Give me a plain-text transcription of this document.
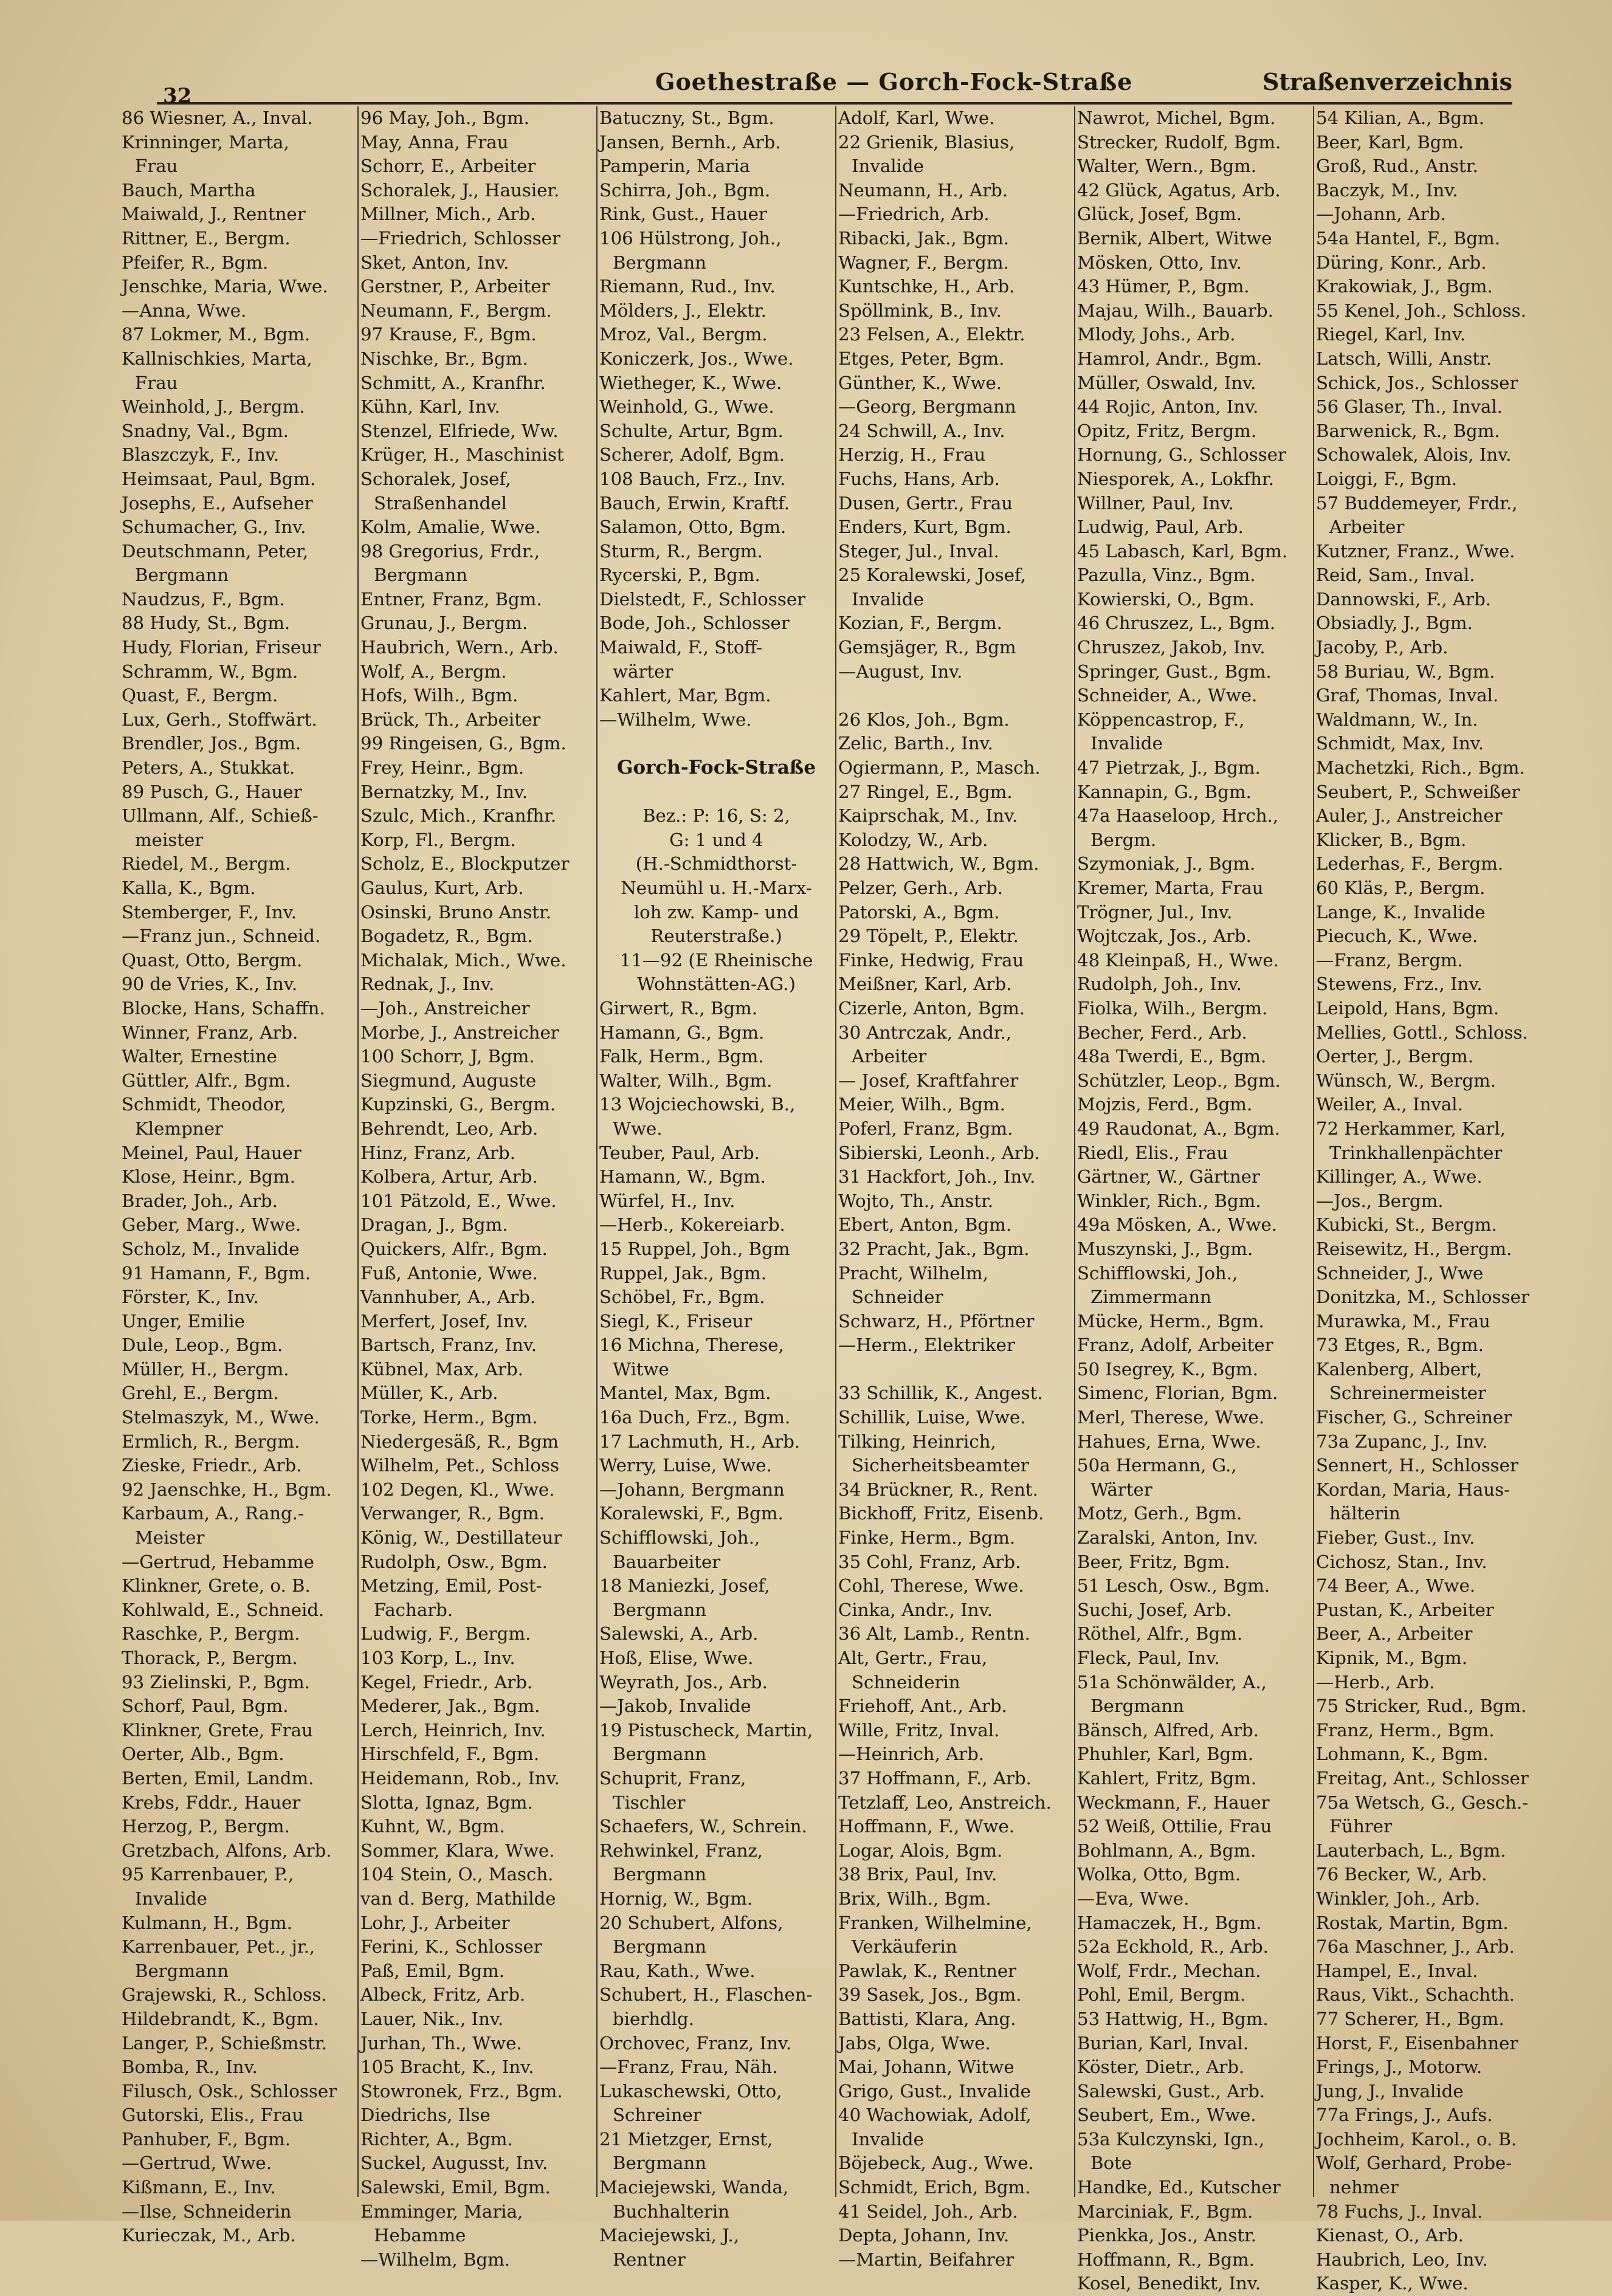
32
Goethestraße — Gorch-Fock-Straße	Straßenverzeichnis
86 Wiesner, A., Inval.
Krinninger, Marta,
Frau
Bauch, Martha
Maiwald, J., Rentner
Rittner, E., Bergm.
Pfeifer, R., Bgm.
Jenschke, Maria, Wwe.
—Anna, Wwe.
87 Lokmer, M., Bgm.
Kallnischkies, Marta,
Frau
Weinhold, J., Bergm.
Snadny, Val., Bgm.
Blaszczyk, F., Inv.
Heimsaat, Paul, Bgm.
Josephs, E., Aufseher
Schumacher, G., Inv.
Deutschmann, Peter,
Bergmann
Naudzus, F., Bgm.
88 Hudy, St., Bgm.
Hudy, Florian, Friseur
Schramm, W., Bgm.
Quast, F., Bergm.
Lux, Gerh., Stoffwärt.
Brendler, Jos., Bgm.
Peters, A., Stukkat.
89 Pusch, G., Hauer
Ullmann, Alf., Schieß-
meister
Riedel, M., Bergm.
Kalla, K., Bgm.
Stemberger, F., Inv.
—Franz jun., Schneid.
Quast, Otto, Bergm.
90 de Vries, K., Inv.
Blocke, Hans, Schaffn.
Winner, Franz, Arb.
Walter, Ernestine
Güttler, Alfr., Bgm.
Schmidt, Theodor,
Klempner
Meinel, Paul, Hauer
Klose, Heinr., Bgm.
Brader, Joh., Arb.
Geber, Marg., Wwe.
Scholz, M., Invalide
91 Hamann, F., Bgm.
Förster, K., Inv.
Unger, Emilie
Dule, Leop., Bgm.
Müller, H., Bergm.
Grehl, E., Bergm.
Stelmaszyk, M., Wwe.
Ermlich, R., Bergm.
Zieske, Friedr., Arb.
92 Jaenschke, H., Bgm.
Karbaum, A., Rang.-
Meister
—Gertrud, Hebamme
Klinkner, Grete, o. B.
Kohlwald, E., Schneid.
Raschke, P., Bergm.
Thorack, P., Bergm.
93 Zielinski, P., Bgm.
Schorf, Paul, Bgm.
Klinkner, Grete, Frau
Oerter, Alb., Bgm.
Berten, Emil, Landm.
Krebs, Fddr., Hauer
Herzog, P., Bergm.
Gretzbach, Alfons, Arb.
95 Karrenbauer, P.,
Invalide
Kulmann, H., Bgm.
Karrenbauer, Pet., jr.,
Bergmann
Grajewski, R., Schloss.
Hildebrandt, K., Bgm.
Langer, P., Schießmstr.
Bomba, R., Inv.
Filusch, Osk., Schlosser
Gutorski, Elis., Frau
Panhuber, F., Bgm.
—Gertrud, Wwe.
Kißmann, E., Inv.
—Ilse, Schneiderin
Kurieczak, M., Arb.
96 May, Joh., Bgm.
May, Anna, Frau
Schorr, E., Arbeiter
Schoralek, J., Hausier.
Millner, Mich., Arb.
—Friedrich, Schlosser
Sket, Anton, Inv.
Gerstner, P., Arbeiter
Neumann, F., Bergm.
97 Krause, F., Bgm.
Nischke, Br., Bgm.
Schmitt, A., Kranfhr.
Kühn, Karl, Inv.
Stenzel, Elfriede, Ww.
Krüger, H., Maschinist
Schoralek, Josef,
Straßenhandel
Kolm, Amalie, Wwe.
98 Gregorius, Frdr.,
Bergmann
Entner, Franz, Bgm.
Grunau, J., Bergm.
Haubrich, Wern., Arb.
Wolf, A., Bergm.
Hofs, Wilh., Bgm.
Brück, Th., Arbeiter
99 Ringeisen, G., Bgm.
Frey, Heinr., Bgm.
Bernatzky, M., Inv.
Szulc, Mich., Kranfhr.
Korp, Fl., Bergm.
Scholz, E., Blockputzer
Gaulus, Kurt, Arb.
Osinski, Bruno Anstr.
Bogadetz, R., Bgm.
Michalak, Mich., Wwe.
Rednak, J., Inv.
—Joh., Anstreicher
Morbe, J., Anstreicher
100 Schorr, J, Bgm.
Siegmund, Auguste
Kupzinski, G., Bergm.
Behrendt, Leo, Arb.
Hinz, Franz, Arb.
Kolbera, Artur, Arb.
101 Pätzold, E., Wwe.
Dragan, J., Bgm.
Quickers, Alfr., Bgm.
Fuß, Antonie, Wwe.
Vannhuber, A., Arb.
Merfert, Josef, Inv.
Bartsch, Franz, Inv.
Kübnel, Max, Arb.
Müller, K., Arb.
Torke, Herm., Bgm.
Niedergesäß, R., Bgm
Wilhelm, Pet., Schloss
102 Degen, Kl., Wwe.
Verwanger, R., Bgm.
König, W., Destillateur
Rudolph, Osw., Bgm.
Metzing, Emil, Post-
Facharb.
Ludwig, F., Bergm.
103 Korp, L., Inv.
Kegel, Friedr., Arb.
Mederer, Jak., Bgm.
Lerch, Heinrich, Inv.
Hirschfeld, F., Bgm.
Heidemann, Rob., Inv.
Slotta, Ignaz, Bgm.
Kuhnt, W., Bgm.
Sommer, Klara, Wwe.
104 Stein, O., Masch.
van d. Berg, Mathilde
Lohr, J., Arbeiter
Ferini, K., Schlosser
Paß, Emil, Bgm.
Albeck, Fritz, Arb.
Lauer, Nik., Inv.
Jurhan, Th., Wwe.
105 Bracht, K., Inv.
Stowronek, Frz., Bgm.
Diedrichs, Ilse
Richter, A., Bgm.
Suckel, Augusst, Inv.
Salewski, Emil, Bgm.
Emminger, Maria,
Hebamme
—Wilhelm, Bgm.
Batuczny, St., Bgm.
Jansen, Bernh., Arb.
Pamperin, Maria
Schirra, Joh., Bgm.
Rink, Gust., Hauer
106 Hülstrong, Joh.,
Bergmann
Riemann, Rud., Inv.
Mölders, J., Elektr.
Mroz, Val., Bergm.
Koniczerk, Jos., Wwe.
Wietheger, K., Wwe.
Weinhold, G., Wwe.
Schulte, Artur, Bgm.
Scherer, Adolf, Bgm.
108 Bauch, Frz., Inv.
Bauch, Erwin, Kraftf.
Salamon, Otto, Bgm.
Sturm, R., Bergm.
Rycerski, P., Bgm.
Dielstedt, F., Schlosser
Bode, Joh., Schlosser
Maiwald, F., Stoff-
wärter
Kahlert, Mar, Bgm.
—Wilhelm, Wwe.
Gorch-Fock-Straße
Bez.: P: 16, S: 2,
G: 1 und 4
(H.-Schmidthorst-
Neumühl u. H.-Marx-
loh zw. Kamp- und
Reuterstraße.)
11—92 (E Rheinische
Wohnstätten-AG.)
Girwert, R., Bgm.
Hamann, G., Bgm.
Falk, Herm., Bgm.
Walter, Wilh., Bgm.
13 Wojciechowski, B.,
Wwe.
Teuber, Paul, Arb.
Hamann, W., Bgm.
Würfel, H., Inv.
—Herb., Kokereiarb.
15 Ruppel, Joh., Bgm
Ruppel, Jak., Bgm.
Schöbel, Fr., Bgm.
Siegl, K., Friseur
16 Michna, Therese,
Witwe
Mantel, Max, Bgm.
16a Duch, Frz., Bgm.
17 Lachmuth, H., Arb.
Werry, Luise, Wwe.
—Johann, Bergmann
Koralewski, F., Bgm.
Schifflowski, Joh.,
Bauarbeiter
18 Maniezki, Josef,
Bergmann
Salewski, A., Arb.
Hoß, Elise, Wwe.
Weyrath, Jos., Arb.
—Jakob, Invalide
19 Pistuscheck, Martin,
Bergmann
Schuprit, Franz,
Tischler
Schaefers, W., Schrein.
Rehwinkel, Franz,
Bergmann
Hornig, W., Bgm.
20 Schubert, Alfons,
Bergmann
Rau, Kath., Wwe.
Schubert, H., Flaschen-
bierhdlg.
Orchovec, Franz, Inv.
—Franz, Frau, Näh.
Lukaschewski, Otto,
Schreiner
21 Mietzger, Ernst,
Bergmann
Maciejewski, Wanda,
Buchhalterin
Maciejewski, J.,
Rentner
Adolf, Karl, Wwe.
22 Grienik, Blasius,
Invalide
Neumann, H., Arb.
—Friedrich, Arb.
Ribacki, Jak., Bgm.
Wagner, F., Bergm.
Kuntschke, H., Arb.
Spöllmink, B., Inv.
23 Felsen, A., Elektr.
Etges, Peter, Bgm.
Günther, K., Wwe.
—Georg, Bergmann
24 Schwill, A., Inv.
Herzig, H., Frau
Fuchs, Hans, Arb.
Dusen, Gertr., Frau
Enders, Kurt, Bgm.
Steger, Jul., Inval.
25 Koralewski, Josef,
Invalide
Kozian, F., Bergm.
Gemsjäger, R., Bgm
—August, Inv.
26 Klos, Joh., Bgm.
Zelic, Barth., Inv.
Ogiermann, P., Masch.
27 Ringel, E., Bgm.
Kaiprschak, M., Inv.
Kolodzy, W., Arb.
28 Hattwich, W., Bgm.
Pelzer, Gerh., Arb.
Patorski, A., Bgm.
29 Töpelt, P., Elektr.
Finke, Hedwig, Frau
Meißner, Karl, Arb.
Cizerle, Anton, Bgm.
30 Antrczak, Andr.,
Arbeiter
— Josef, Kraftfahrer
Meier, Wilh., Bgm.
Poferl, Franz, Bgm.
Sibierski, Leonh., Arb.
31 Hackfort, Joh., Inv.
Wojto, Th., Anstr.
Ebert, Anton, Bgm.
32 Pracht, Jak., Bgm.
Pracht, Wilhelm,
Schneider
Schwarz, H., Pförtner
—Herm., Elektriker
33 Schillik, K., Angest.
Schillik, Luise, Wwe.
Tilking, Heinrich,
Sicherheitsbeamter
34 Brückner, R., Rent.
Bickhoff, Fritz, Eisenb.
Finke, Herm., Bgm.
35 Cohl, Franz, Arb.
Cohl, Therese, Wwe.
Cinka, Andr., Inv.
36 Alt, Lamb., Rentn.
Alt, Gertr., Frau,
Schneiderin
Friehoff, Ant., Arb.
Wille, Fritz, Inval.
—Heinrich, Arb.
37 Hoffmann, F., Arb.
Tetzlaff, Leo, Anstreich.
Hoffmann, F., Wwe.
Logar, Alois, Bgm.
38 Brix, Paul, Inv.
Brix, Wilh., Bgm.
Franken, Wilhelmine,
Verkäuferin
Pawlak, K., Rentner
39 Sasek, Jos., Bgm.
Battisti, Klara, Ang.
Jabs, Olga, Wwe.
Mai, Johann, Witwe
Grigo, Gust., Invalide
40 Wachowiak, Adolf,
Invalide
Böjebeck, Aug., Wwe.
Schmidt, Erich, Bgm.
41 Seidel, Joh., Arb.
Depta, Johann, Inv.
—Martin, Beifahrer
Nawrot, Michel, Bgm.
Strecker, Rudolf, Bgm.
Walter, Wern., Bgm.
42 Glück, Agatus, Arb.
Glück, Josef, Bgm.
Bernik, Albert, Witwe
Mösken, Otto, Inv.
43 Hümer, P., Bgm.
Majau, Wilh., Bauarb.
Mlody, Johs., Arb.
Hamrol, Andr., Bgm.
Müller, Oswald, Inv.
44 Rojic, Anton, Inv.
Opitz, Fritz, Bergm.
Hornung, G., Schlosser
Niesporek, A., Lokfhr.
Willner, Paul, Inv.
Ludwig, Paul, Arb.
45 Labasch, Karl, Bgm.
Pazulla, Vinz., Bgm.
Kowierski, O., Bgm.
46 Chruszez, L., Bgm.
Chruszez, Jakob, Inv.
Springer, Gust., Bgm.
Schneider, A., Wwe.
Köppencastrop, F.,
Invalide
47 Pietrzak, J., Bgm.
Kannapin, G., Bgm.
47a Haaseloop, Hrch.,
Bergm.
Szymoniak, J., Bgm.
Kremer, Marta, Frau
Trögner, Jul., Inv.
Wojtczak, Jos., Arb.
48 Kleinpaß, H., Wwe.
Rudolph, Joh., Inv.
Fiolka, Wilh., Bergm.
Becher, Ferd., Arb.
48a Twerdi, E., Bgm.
Schützler, Leop., Bgm.
Mojzis, Ferd., Bgm.
49 Raudonat, A., Bgm.
Riedl, Elis., Frau
Gärtner, W., Gärtner
Winkler, Rich., Bgm.
49a Mösken, A., Wwe.
Muszynski, J., Bgm.
Schifflowski, Joh.,
Zimmermann
Mücke, Herm., Bgm.
Franz, Adolf, Arbeiter
50 Isegrey, K., Bgm.
Simenc, Florian, Bgm.
Merl, Therese, Wwe.
Hahues, Erna, Wwe.
50a Hermann, G.,
Wärter
Motz, Gerh., Bgm.
Zaralski, Anton, Inv.
Beer, Fritz, Bgm.
51 Lesch, Osw., Bgm.
Suchi, Josef, Arb.
Röthel, Alfr., Bgm.
Fleck, Paul, Inv.
51a Schönwälder, A.,
Bergmann
Bänsch, Alfred, Arb.
Phuhler, Karl, Bgm.
Kahlert, Fritz, Bgm.
Weckmann, F., Hauer
52 Weiß, Ottilie, Frau
Bohlmann, A., Bgm.
Wolka, Otto, Bgm.
—Eva, Wwe.
Hamaczek, H., Bgm.
52a Eckhold, R., Arb.
Wolf, Frdr., Mechan.
Pohl, Emil, Bergm.
53 Hattwig, H., Bgm.
Burian, Karl, Inval.
Köster, Dietr., Arb.
Salewski, Gust., Arb.
Seubert, Em., Wwe.
53a Kulczynski, Ign.,
Bote
Handke, Ed., Kutscher
Marciniak, F., Bgm.
Pienkka, Jos., Anstr.
Hoffmann, R., Bgm.
Kosel, Benedikt, Inv.
54 Kilian, A., Bgm.
Beer, Karl, Bgm.
Groß, Rud., Anstr.
Baczyk, M., Inv.
—Johann, Arb.
54a Hantel, F., Bgm.
Düring, Konr., Arb.
Krakowiak, J., Bgm.
55 Kenel, Joh., Schloss.
Riegel, Karl, Inv.
Latsch, Willi, Anstr.
Schick, Jos., Schlosser
56 Glaser, Th., Inval.
Barwenick, R., Bgm.
Schowalek, Alois, Inv.
Loiggi, F., Bgm.
57 Buddemeyer, Frdr.,
Arbeiter
Kutzner, Franz., Wwe.
Reid, Sam., Inval.
Dannowski, F., Arb.
Obsiadly, J., Bgm.
Jacoby, P., Arb.
58 Buriau, W., Bgm.
Graf, Thomas, Inval.
Waldmann, W., In.
Schmidt, Max, Inv.
Machetzki, Rich., Bgm.
Seubert, P., Schweißer
Auler, J., Anstreicher
Klicker, B., Bgm.
Lederhas, F., Bergm.
60 Kläs, P., Bergm.
Lange, K., Invalide
Piecuch, K., Wwe.
—Franz, Bergm.
Stewens, Frz., Inv.
Leipold, Hans, Bgm.
Mellies, Gottl., Schloss.
Oerter, J., Bergm.
Wünsch, W., Bergm.
Weiler, A., Inval.
72 Herkammer, Karl,
Trinkhallenpächter
Killinger, A., Wwe.
—Jos., Bergm.
Kubicki, St., Bergm.
Reisewitz, H., Bergm.
Schneider, J., Wwe
Donitzka, M., Schlosser
Murawka, M., Frau
73 Etges, R., Bgm.
Kalenberg, Albert,
Schreinermeister
Fischer, G., Schreiner
73a Zupanc, J., Inv.
Sennert, H., Schlosser
Kordan, Maria, Haus-
hälterin
Fieber, Gust., Inv.
Cichosz, Stan., Inv.
74 Beer, A., Wwe.
Pustan, K., Arbeiter
Beer, A., Arbeiter
Kipnik, M., Bgm.
—Herb., Arb.
75 Stricker, Rud., Bgm.
Franz, Herm., Bgm.
Lohmann, K., Bgm.
Freitag, Ant., Schlosser
75a Wetsch, G., Gesch.-
Führer
Lauterbach, L., Bgm.
76 Becker, W., Arb.
Winkler, Joh., Arb.
Rostak, Martin, Bgm.
76a Maschner, J., Arb.
Hampel, E., Inval.
Raus, Vikt., Schachth.
77 Scherer, H., Bgm.
Horst, F., Eisenbahner
Frings, J., Motorw.
Jung, J., Invalide
77a Frings, J., Aufs.
Jochheim, Karol., o. B.
Wolf, Gerhard, Probe-
nehmer
78 Fuchs, J., Inval.
Kienast, O., Arb.
Haubrich, Leo, Inv.
Kasper, K., Wwe.
